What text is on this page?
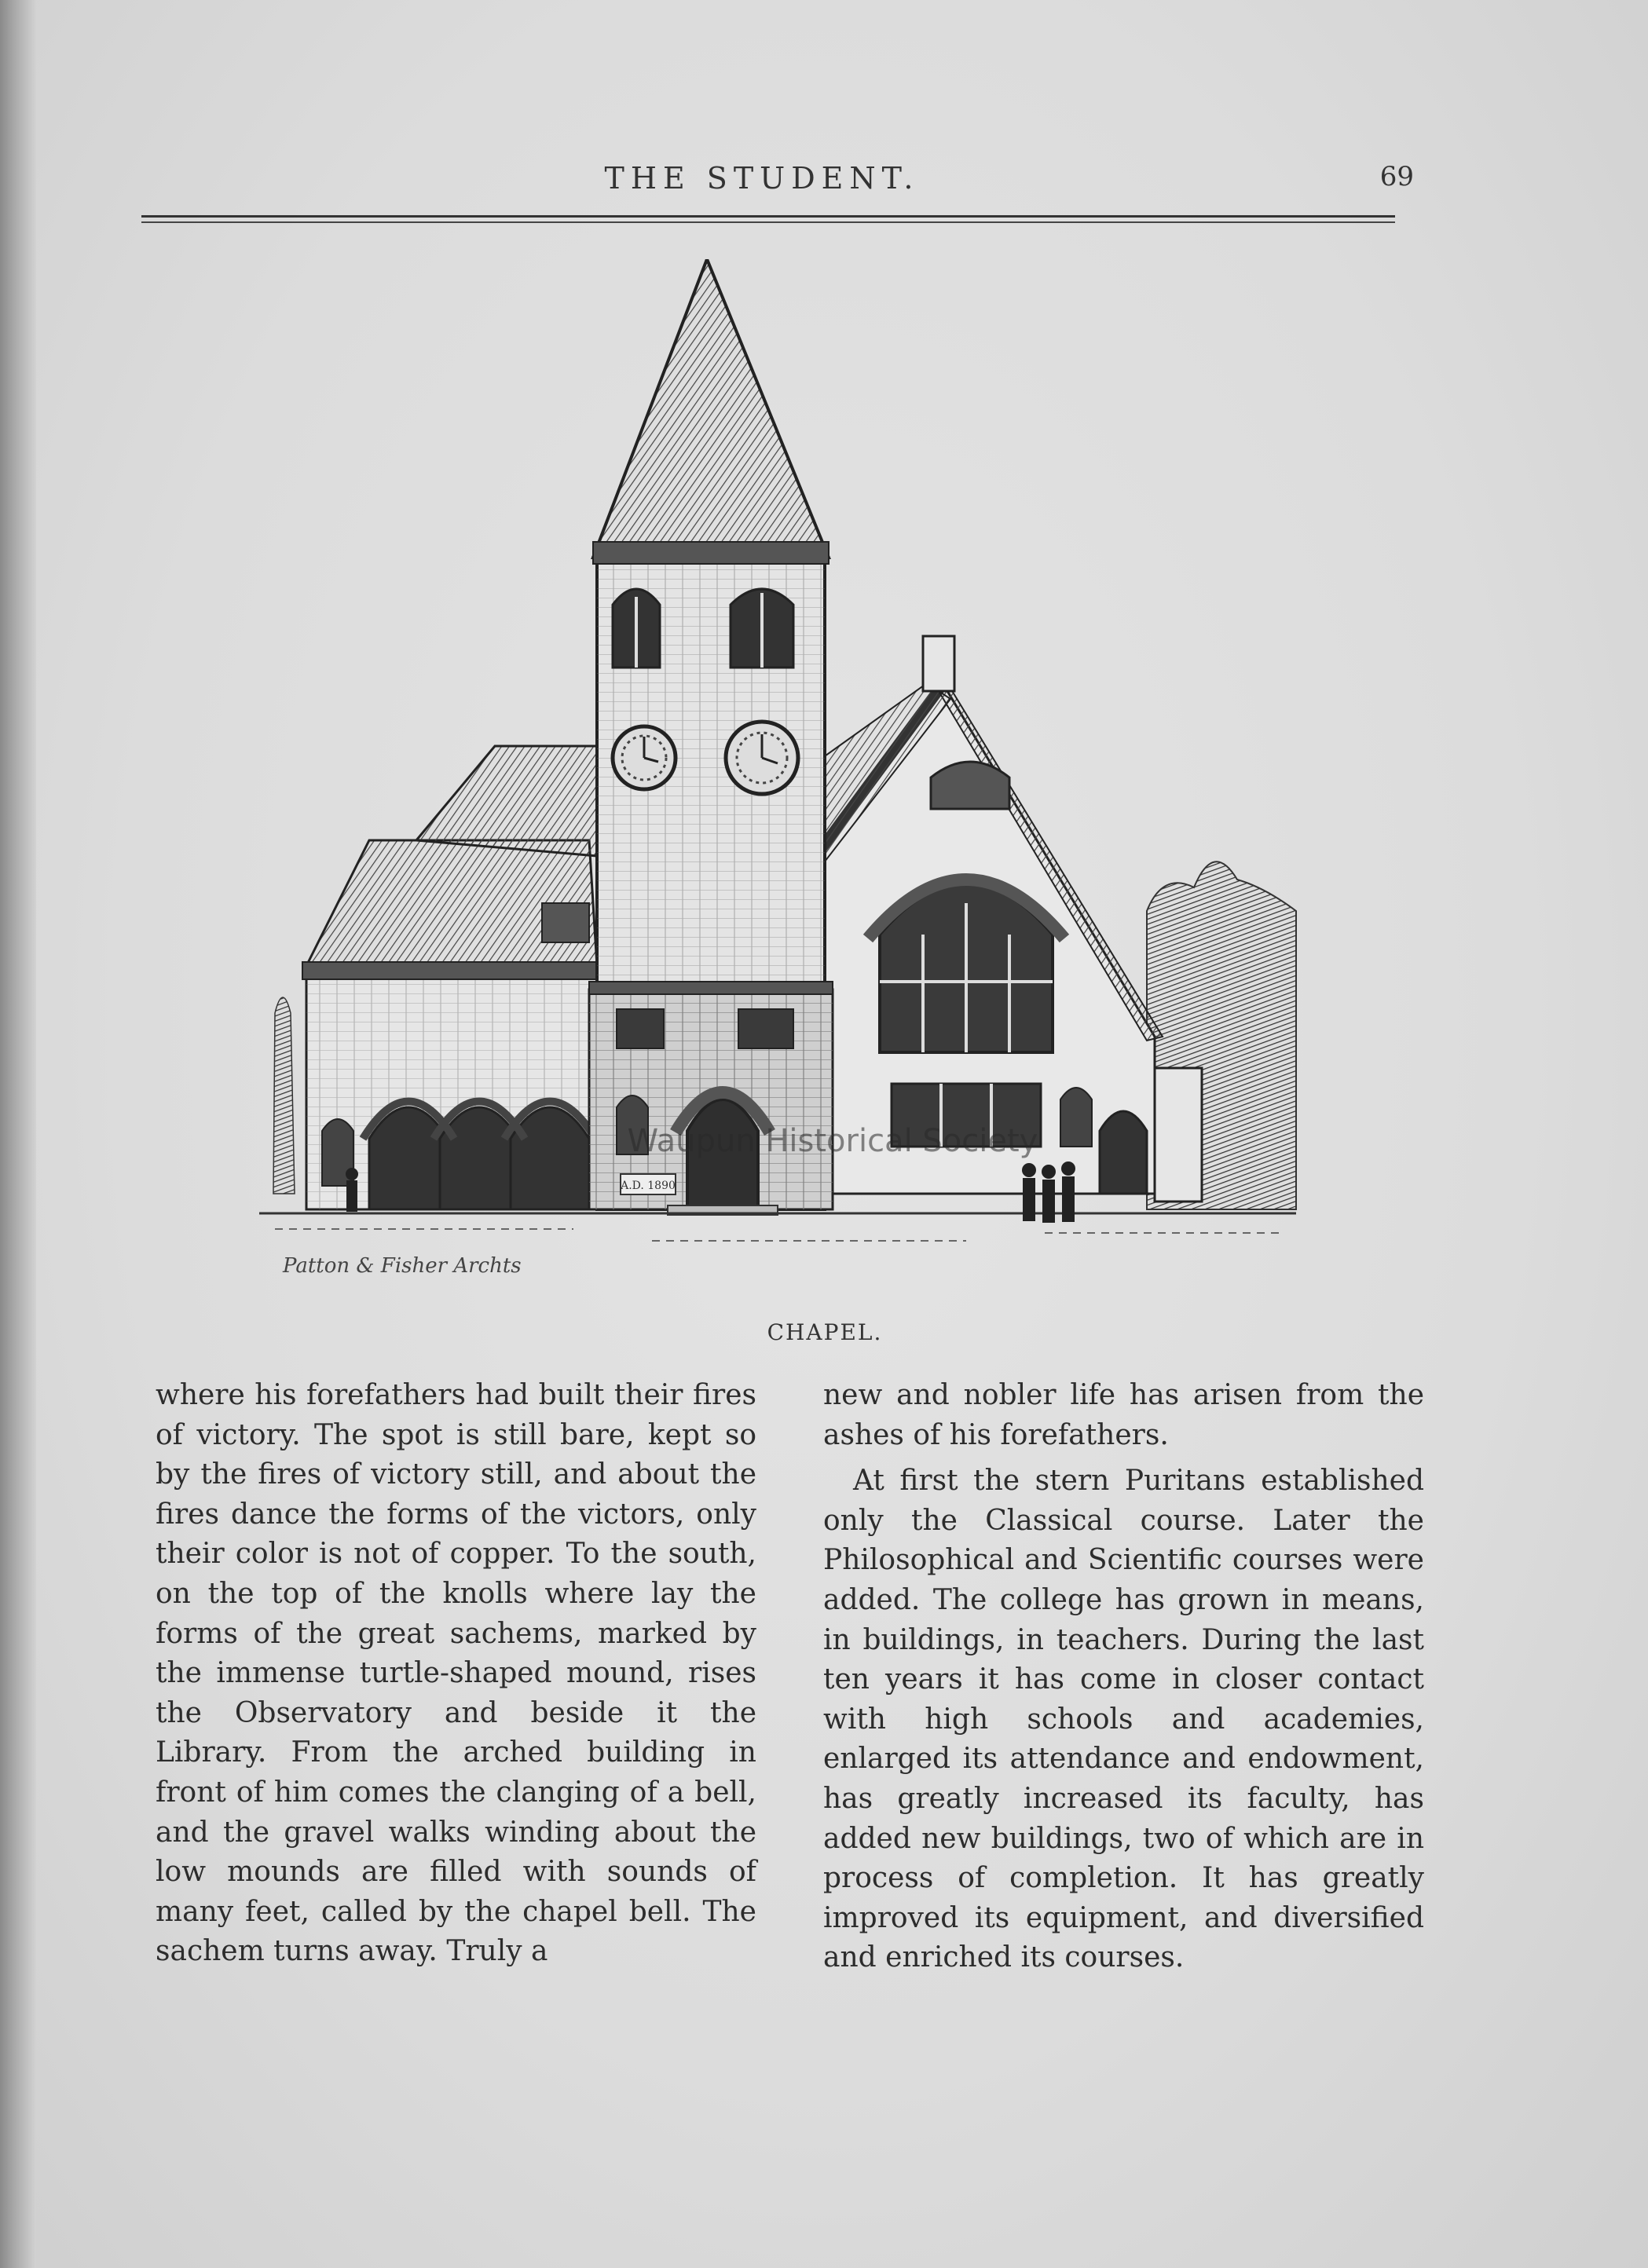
THE STUDENT.	69
A.D. 1890
Patton & Fisher Archts
Waupun Historical Society
CHAPEL.

where his forefathers had built their fires of victory. The spot is still bare, kept so by the fires of victory still, and about the fires dance the forms of the victors, only their color is not of copper. To the south, on the top of the knolls where lay the forms of the great sachems, marked by the immense turtle-shaped mound, rises the Observatory and beside it the Library. From the arched building in front of him comes the clanging of a bell, and the gravel walks winding about the low mounds are filled with sounds of many feet, called by the chapel bell. The sachem turns away. Truly a

new and nobler life has arisen from the ashes of his forefathers.

At first the stern Puritans established only the Classical course. Later the Philosophical and Scientific courses were added. The college has grown in means, in buildings, in teachers. During the last ten years it has come in closer contact with high schools and academies, enlarged its attendance and endowment, has greatly increased its faculty, has added new buildings, two of which are in process of completion. It has greatly improved its equipment, and diversified and enriched its courses.
